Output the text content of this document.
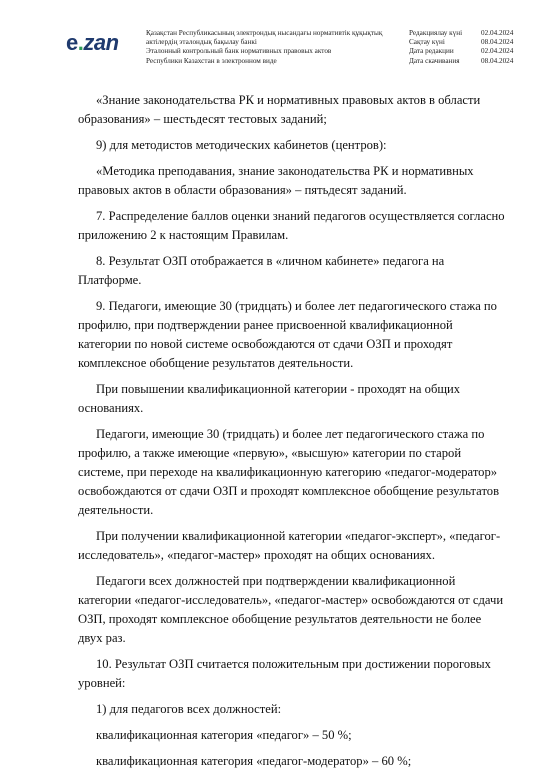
e.zan	Қазақстан Республикасының электрондық нысандағы нормативтік құқықтық
актілердің эталондық бақылау банкі
Эталонный контрольный банк нормативных правовых актов
Республики Казахстан в электронном виде
Редакциялау күні	02.04.2024
Сақтау күні	08.04.2024
Дата редакции	02.04.2024
Дата скачивания	08.04.2024

«Знание законодательства РК и нормативных правовых актов в области образования» – шестьдесят тестовых заданий;

9) для методистов методических кабинетов (центров):

«Методика преподавания, знание законодательства РК и нормативных правовых актов в области образования» – пятьдесят заданий.

7. Распределение баллов оценки знаний педагогов осуществляется согласно приложению 2 к настоящим Правилам.

8. Результат ОЗП отображается в «личном кабинете» педагога на Платформе.

9. Педагоги, имеющие 30 (тридцать) и более лет педагогического стажа по профилю, при подтверждении ранее присвоенной квалификационной категории по новой системе освобождаются от сдачи ОЗП и проходят комплексное обобщение результатов деятельности.

При повышении квалификационной категории - проходят на общих основаниях.

Педагоги, имеющие 30 (тридцать) и более лет педагогического стажа по профилю, а также имеющие «первую», «высшую» категории по старой системе, при переходе на квалификационную категорию «педагог-модератор» освобождаются от сдачи ОЗП и проходят комплексное обобщение результатов деятельности.

При получении квалификационной категории «педагог-эксперт», «педагог-исследователь», «педагог-мастер» проходят на общих основаниях.

Педагоги всех должностей при подтверждении квалификационной категории «педагог-исследователь», «педагог-мастер» освобождаются от сдачи ОЗП, проходят комплексное обобщение результатов деятельности не более двух раз.

10. Результат ОЗП считается положительным при достижении пороговых уровней:

1) для педагогов всех должностей:

квалификационная категория «педагог» – 50 %;

квалификационная категория «педагог-модератор» – 60 %;
